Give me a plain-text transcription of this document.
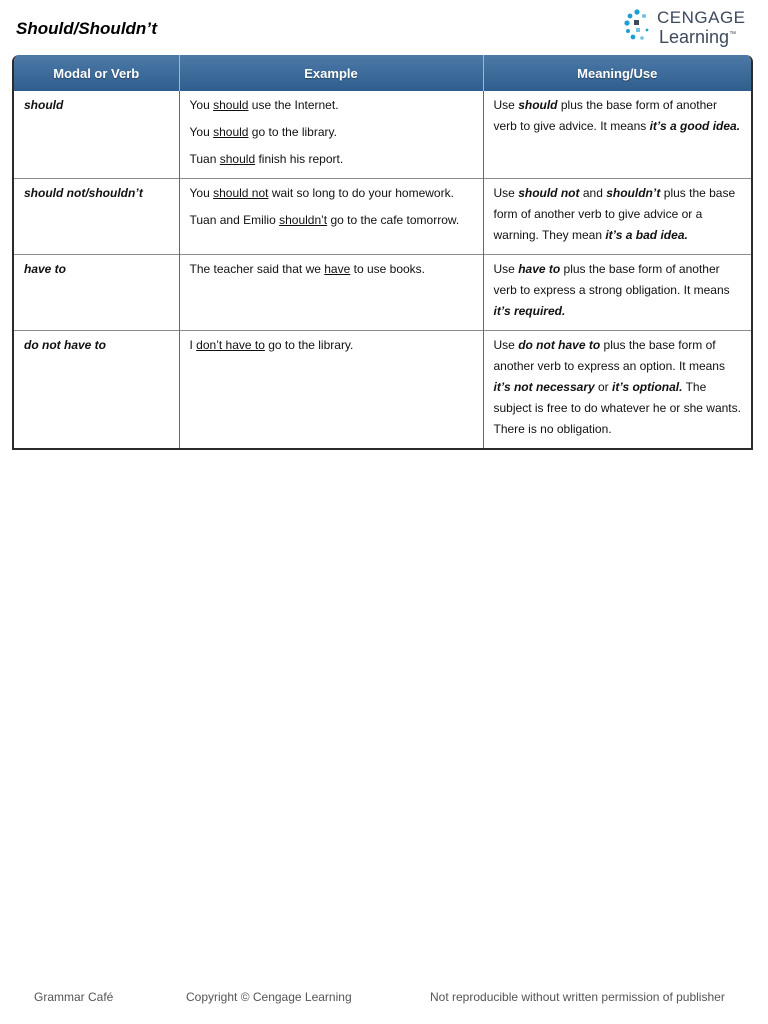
Should/Shouldn’t
CENGAGE
Learning™
Modal or Verb	Example	Meaning/Use
should	You should use the Internet.
You should go to the library.
Tuan should finish his report.	Use should plus the base form of another verb to give advice. It means it’s a good idea.
should not/shouldn’t	You should not wait so long to do your homework.
Tuan and Emilio shouldn’t go to the cafe tomorrow.	Use should not and shouldn’t plus the base form of another verb to give advice or a warning. They mean it’s a bad idea.
have to	The teacher said that we have to use books.	Use have to plus the base form of another verb to express a strong obligation. It means it’s required.
do not have to	I don’t have to go to the library.	Use do not have to plus the base form of another verb to express an option. It means it’s not necessary or it’s optional. The subject is free to do whatever he or she wants. There is no obligation.
Grammar Café	Copyright © Cengage Learning	Not reproducible without written permission of publisher
